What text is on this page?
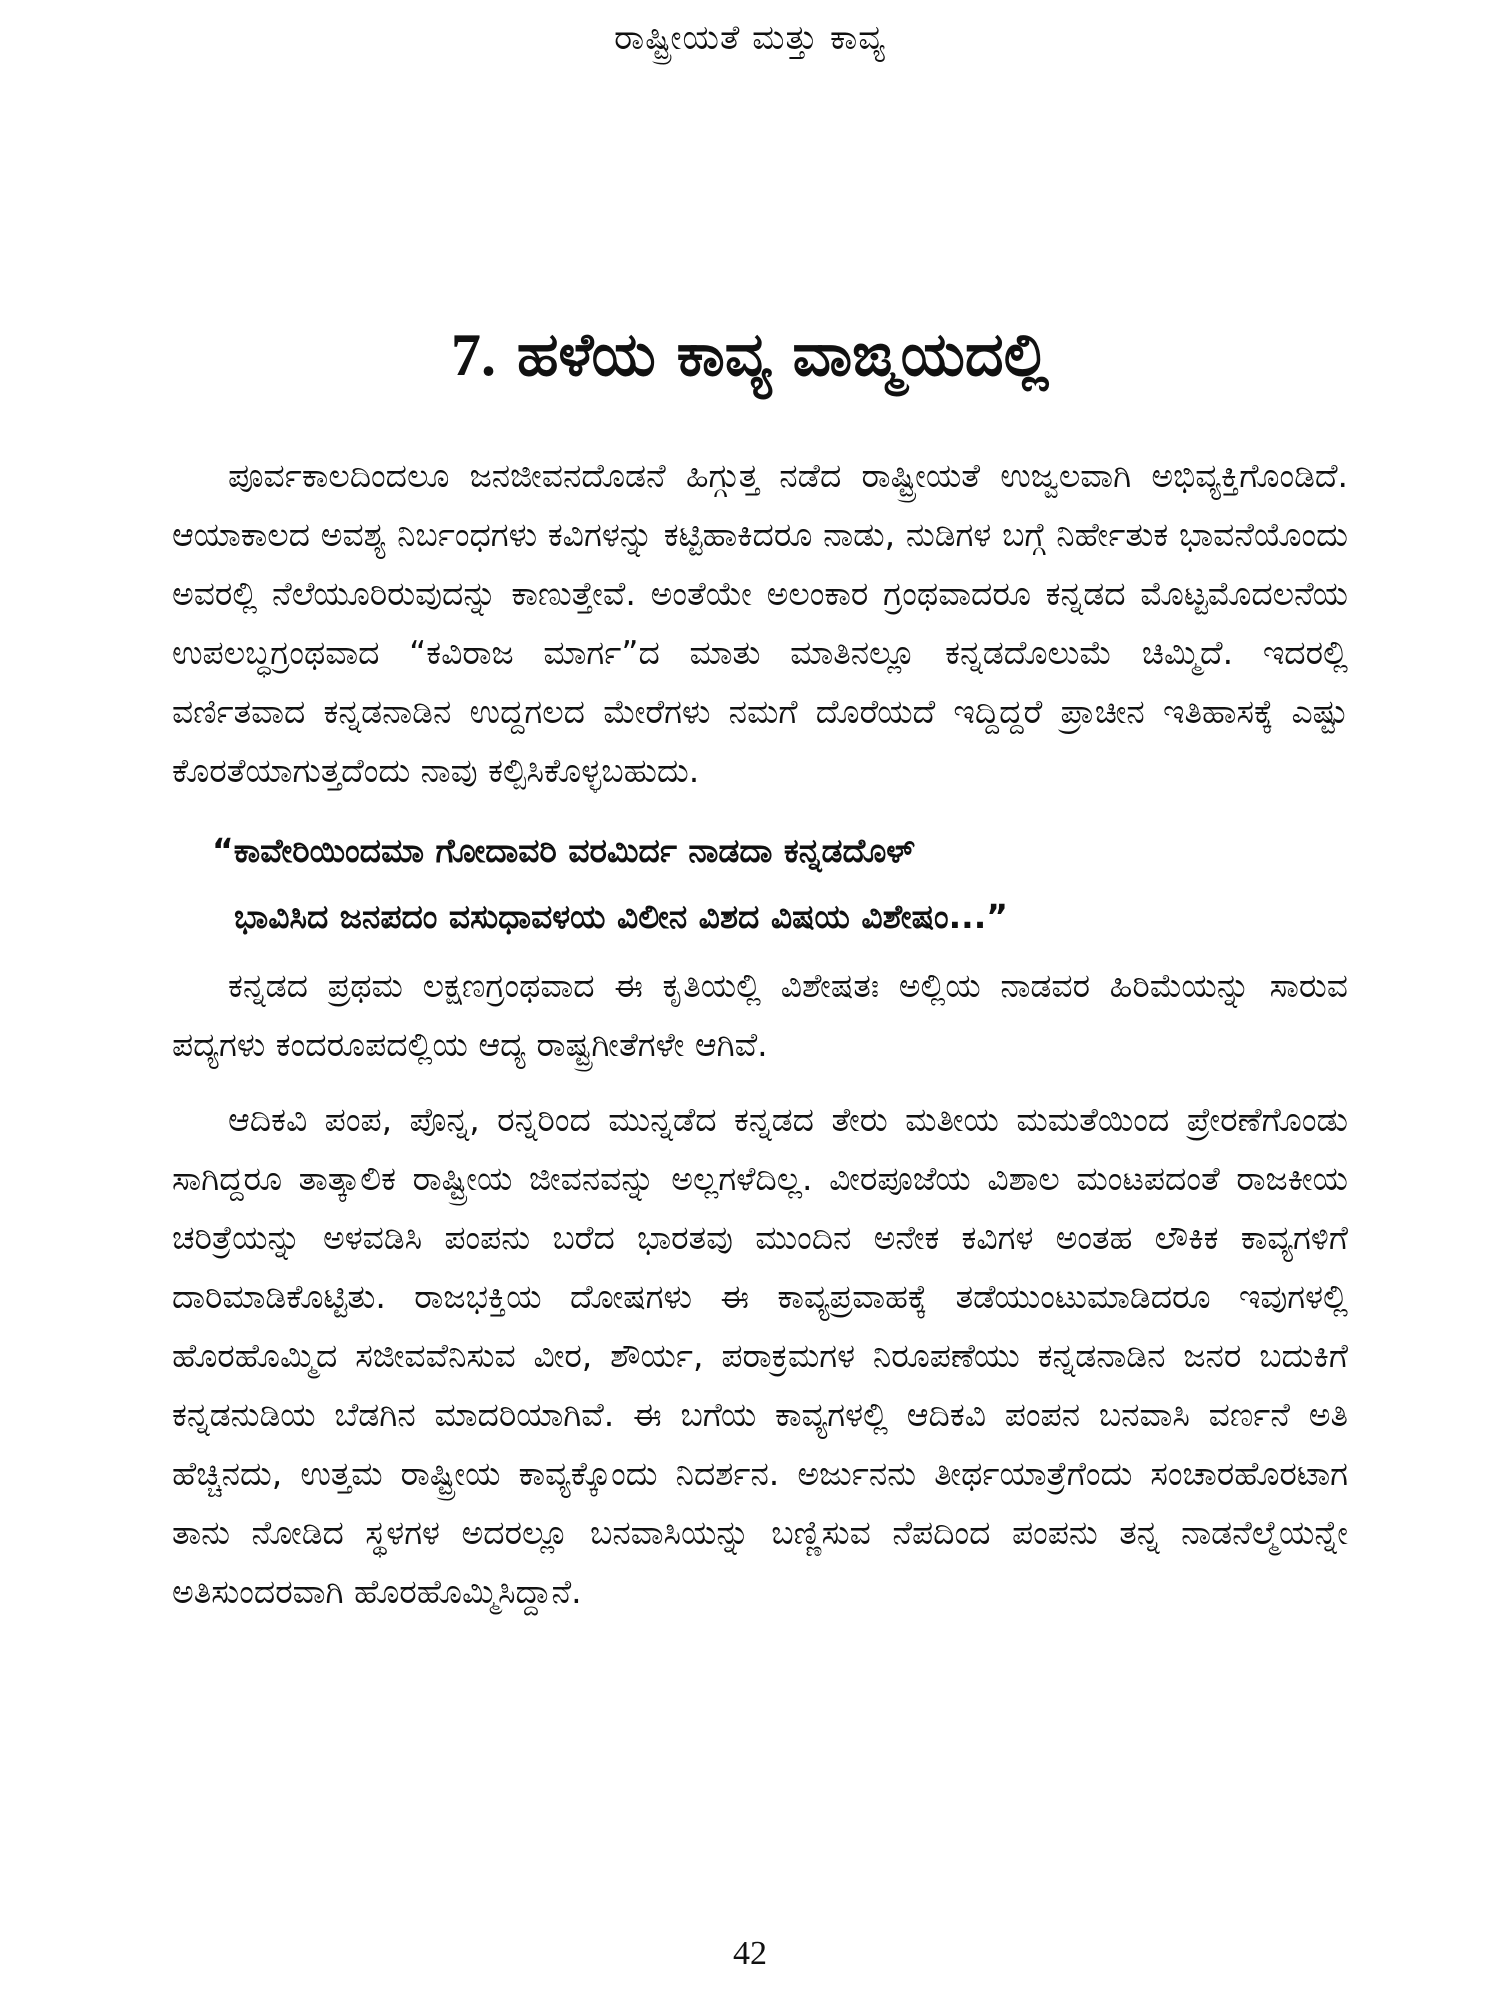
ರಾಷ್ಟ್ರೀಯತೆ ಮತ್ತು ಕಾವ್ಯ
7. ಹಳೆಯ ಕಾವ್ಯ ವಾಙ್ಮಯದಲ್ಲಿ

ಪೂರ್ವಕಾಲದಿಂದಲೂ ಜನಜೀವನದೊಡನೆ ಹಿಗ್ಗುತ್ತ ನಡೆದ ರಾಷ್ಟ್ರೀಯತೆ ಉಜ್ವಲವಾಗಿ ಅಭಿವ್ಯಕ್ತಿಗೊಂಡಿದೆ. ಆಯಾಕಾಲದ ಅವಶ್ಯ ನಿರ್ಬಂಧಗಳು ಕವಿಗಳನ್ನು ಕಟ್ಟಿಹಾಕಿದರೂ ನಾಡು, ನುಡಿಗಳ ಬಗ್ಗೆ ನಿರ್ಹೇತುಕ ಭಾವನೆಯೊಂದು ಅವರಲ್ಲಿ ನೆಲೆಯೂರಿರುವುದನ್ನು ಕಾಣುತ್ತೇವೆ. ಅಂತೆಯೇ ಅಲಂಕಾರ ಗ್ರಂಥವಾದರೂ ಕನ್ನಡದ ಮೊಟ್ಟಮೊದಲನೆಯ ಉಪಲಬ್ಧಗ್ರಂಥವಾದ “ಕವಿರಾಜ ಮಾರ್ಗ”ದ ಮಾತು ಮಾತಿನಲ್ಲೂ ಕನ್ನಡದೊಲುಮೆ ಚಿಮ್ಮಿದೆ. ಇದರಲ್ಲಿ ವರ್ಣಿತವಾದ ಕನ್ನಡನಾಡಿನ ಉದ್ದಗಲದ ಮೇರೆಗಳು ನಮಗೆ ದೊರೆಯದೆ ಇದ್ದಿದ್ದರೆ ಪ್ರಾಚೀನ ಇತಿಹಾಸಕ್ಕೆ ಎಷ್ಟು ಕೊರತೆಯಾಗುತ್ತದೆಂದು ನಾವು ಕಲ್ಪಿಸಿಕೊಳ್ಳಬಹುದು.

“ಕಾವೇರಿಯಿಂದಮಾ ಗೋದಾವರಿ ವರಮಿರ್ದ ನಾಡದಾ ಕನ್ನಡದೊಳ್
ಭಾವಿಸಿದ ಜನಪದಂ ವಸುಧಾವಳಯ ವಿಲೀನ ವಿಶದ ವಿಷಯ ವಿಶೇಷಂ...”

ಕನ್ನಡದ ಪ್ರಥಮ ಲಕ್ಷಣಗ್ರಂಥವಾದ ಈ ಕೃತಿಯಲ್ಲಿ ವಿಶೇಷತಃ ಅಲ್ಲಿಯ ನಾಡವರ ಹಿರಿಮೆಯನ್ನು ಸಾರುವ ಪದ್ಯಗಳು ಕಂದರೂಪದಲ್ಲಿಯ ಆದ್ಯ ರಾಷ್ಟ್ರಗೀತೆಗಳೇ ಆಗಿವೆ.

ಆದಿಕವಿ ಪಂಪ, ಪೊನ್ನ, ರನ್ನರಿಂದ ಮುನ್ನಡೆದ ಕನ್ನಡದ ತೇರು ಮತೀಯ ಮಮತೆಯಿಂದ ಪ್ರೇರಣೆಗೊಂಡು ಸಾಗಿದ್ದರೂ ತಾತ್ಕಾಲಿಕ ರಾಷ್ಟ್ರೀಯ ಜೀವನವನ್ನು ಅಲ್ಲಗಳೆದಿಲ್ಲ. ವೀರಪೂಜೆಯ ವಿಶಾಲ ಮಂಟಪದಂತೆ ರಾಜಕೀಯ ಚರಿತ್ರೆಯನ್ನು ಅಳವಡಿಸಿ ಪಂಪನು ಬರೆದ ಭಾರತವು ಮುಂದಿನ ಅನೇಕ ಕವಿಗಳ ಅಂತಹ ಲೌಕಿಕ ಕಾವ್ಯಗಳಿಗೆ ದಾರಿಮಾಡಿಕೊಟ್ಟಿತು. ರಾಜಭಕ್ತಿಯ ದೋಷಗಳು ಈ ಕಾವ್ಯಪ್ರವಾಹಕ್ಕೆ ತಡೆಯುಂಟುಮಾಡಿದರೂ ಇವುಗಳಲ್ಲಿ ಹೊರಹೊಮ್ಮಿದ ಸಜೀವವೆನಿಸುವ ವೀರ, ಶೌರ್ಯ, ಪರಾಕ್ರಮಗಳ ನಿರೂಪಣೆಯು ಕನ್ನಡನಾಡಿನ ಜನರ ಬದುಕಿಗೆ ಕನ್ನಡನುಡಿಯ ಬೆಡಗಿನ ಮಾದರಿಯಾಗಿವೆ. ಈ ಬಗೆಯ ಕಾವ್ಯಗಳಲ್ಲಿ ಆದಿಕವಿ ಪಂಪನ ಬನವಾಸಿ ವರ್ಣನೆ ಅತಿ ಹೆಚ್ಚಿನದು, ಉತ್ತಮ ರಾಷ್ಟ್ರೀಯ ಕಾವ್ಯಕ್ಕೊಂದು ನಿದರ್ಶನ. ಅರ್ಜುನನು ತೀರ್ಥಯಾತ್ರೆಗೆಂದು ಸಂಚಾರಹೊರಟಾಗ ತಾನು ನೋಡಿದ ಸ್ಥಳಗಳ ಅದರಲ್ಲೂ ಬನವಾಸಿಯನ್ನು ಬಣ್ಣಿಸುವ ನೆಪದಿಂದ ಪಂಪನು ತನ್ನ ನಾಡನೆಲ್ಮೆಯನ್ನೇ ಅತಿಸುಂದರವಾಗಿ ಹೊರಹೊಮ್ಮಿಸಿದ್ದಾನೆ.

42
